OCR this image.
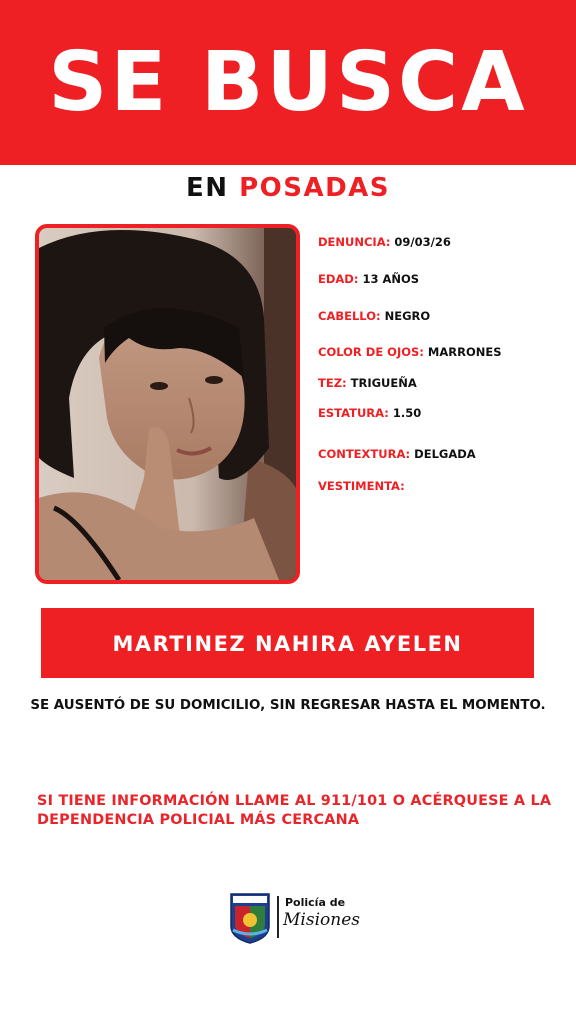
SE BUSCA
EN POSADAS
DENUNCIA: 09/03/26
EDAD: 13 AÑOS
CABELLO: NEGRO
COLOR DE OJOS: MARRONES
TEZ: TRIGUEÑA
ESTATURA: 1.50
CONTEXTURA: DELGADA
VESTIMENTA:
MARTINEZ NAHIRA AYELEN
SE AUSENTÓ DE SU DOMICILIO, SIN REGRESAR HASTA EL MOMENTO.
SI TIENE INFORMACIÓN LLAME AL 911/101 O ACÉRQUESE A LA DEPENDENCIA POLICIAL MÁS CERCANA
Policía de
Misiones
